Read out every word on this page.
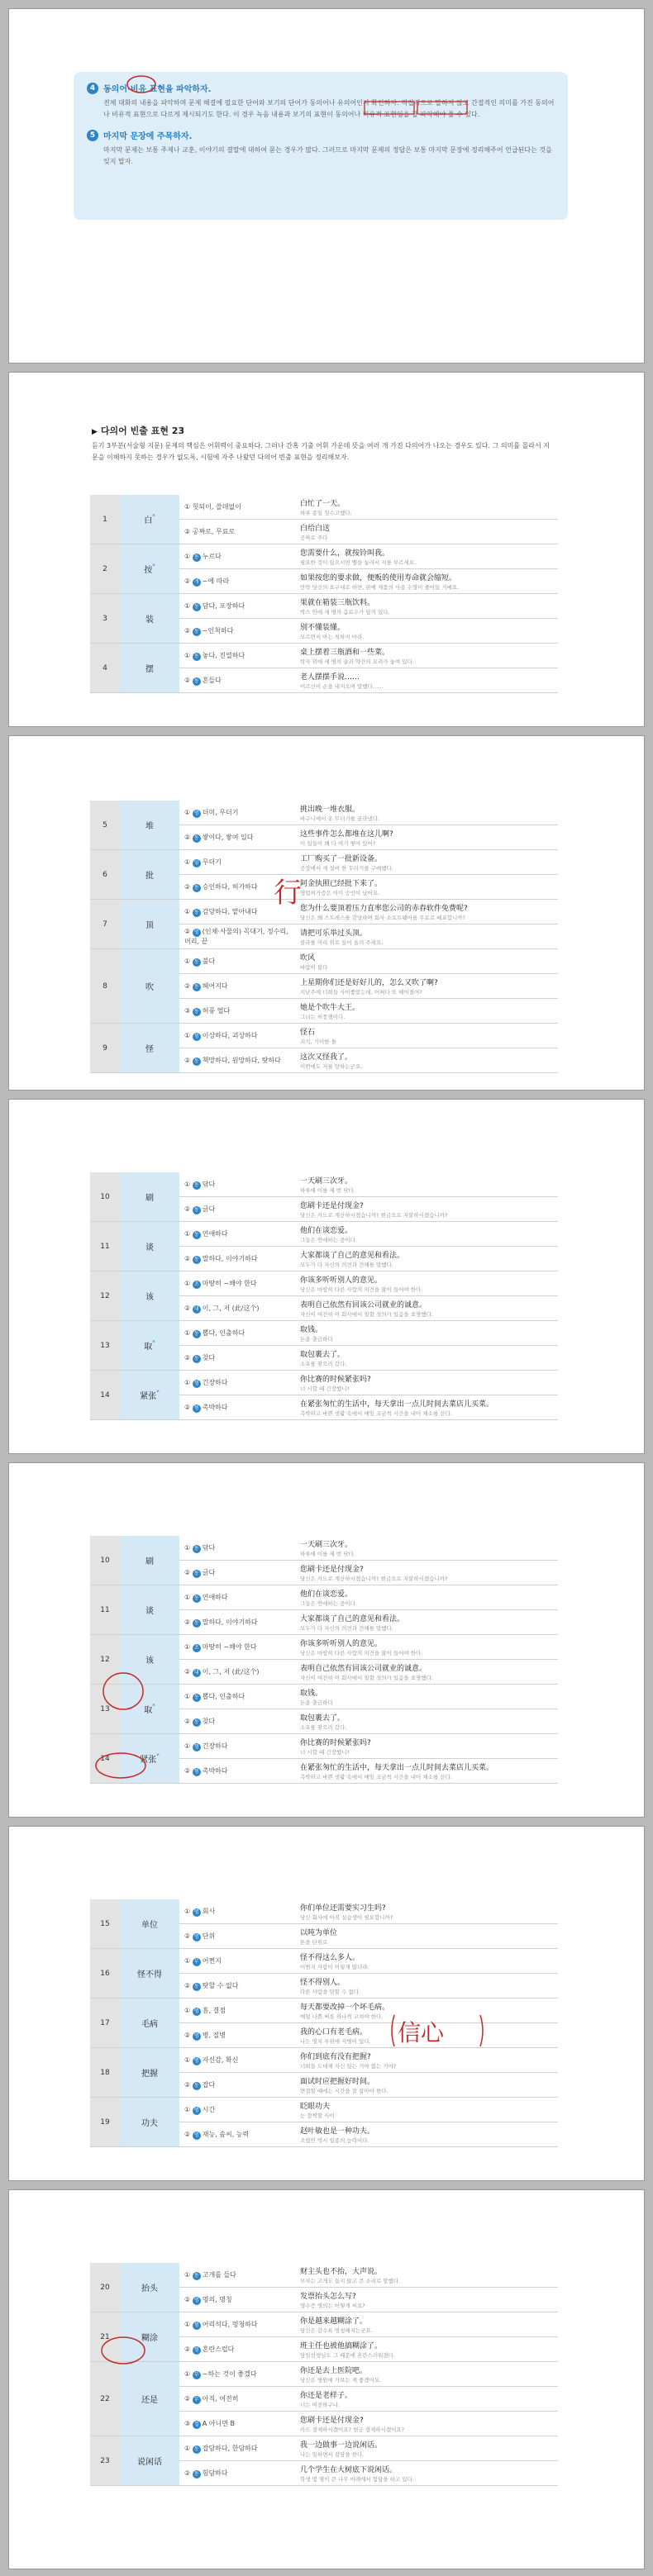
4 동의어·비유 표현을 파악하자.
전체 대화의 내용을 파악하며 문제 해결에 필요한 단어와 보기의 단어가 동의어나 유의어인지 확인하자. 직접적으로 말하지 않고 간접적인 의미를 가진 동의어나 비유적 표현으로 다르게 제시되기도 한다. 이 경우 녹음 내용과 보기의 표현이 동의어나 비유적 표현임을 잘 파악해야 풀 수 있다.
5 마지막 문장에 주목하자.
마지막 문제는 보통 주제나 교훈, 이야기의 결말에 대하여 묻는 경우가 많다. 그러므로 마지막 문제의 정답은 보통 마지막 문장에 정리해주어 언급된다는 것을 잊지 말자.
▶ 다의어 빈출 표현 23
듣기 3부분(서술형 지문) 문제의 핵심은 어휘력이 중요하다. 그러나 간혹 기출 어휘 가운데 뜻을 여러 개 가진 다의어가 나오는 경우도 있다. 그 의미를 몰라서 지문을 이해하지 못하는 경우가 없도록, 시험에 자주 나왔던 다의어 빈출 표현을 정리해보자.
1	白*	① 헛되이, 쓸데없이	白忙了一天。
하루 종일 헛수고했다.

		② 공짜로, 무료로	白给白送
공짜로 주다

2	按*	① 동 누르다	您需要什么，就按铃叫我。
필요한 것이 있으시면 벨을 눌러서 저를 부르세요.

		② 개 ~에 따라	如果按您的要求做，便贩的使用寿命就会缩短。
만약 당신의 요구대로 하면, 판매 제품의 사용 수명이 줄어들 거예요.

3	装	① 동 담다, 포장하다	果就在箱装三瓶饮料。
박스 안에 세 병의 음료수가 담겨 있다.

		② 동 ~인척하다	别不懂装懂。
모르면서 아는 척하지 마라.

4	摆	① 동 놓다, 진열하다	桌上摆着三瓶酒和一些菜。
탁자 위에 세 병의 술과 약간의 요리가 놓여 있다.

		② 동 흔들다	老人摆摆手说……
어르신이 손을 내저으며 말했다……
5	堆	① 명 더미, 무더기	挑出晚一堆衣服。
바구니에서 옷 무더기를 골라냈다.

		② 동 쌓이다, 쌓여 있다	这些事件怎么都堆在这儿啊?
이 일들이 왜 다 여기 쌓여 있어?

6	批	① 양 무더기	工厂购买了一批新设备。
공장에서 새 설비 한 무더기를 구매했다.

		② 동 승인하다, 허가하다	阿金执照已经批下来了。
영업허가증은 이미 승인이 났어요.

7	顶	① 동 감당하다, 맡아내다	您为什么要顶着压力直率您公司的赤春软件免费呢?
당신은 왜 스트레스를 감당하며 회사 소프트웨어를 무료로 배포합니까?

		② 명 (인체·사물의) 꼭대기, 정수리, 머리, 끝	请把可乐举过头顶。
콜라를 머리 위로 들어 올려 주세요.

8	吹	① 동 불다	吹风
바람이 불다

		② 동 헤어지다	上星期你们还是好好儿的，怎么又吹了啊?
지난주에 너희들 사이좋았는데, 어쩌다 또 헤어졌어?

		③ 동 허풍 떨다	她是个吹牛大王。
그녀는 허풍쟁이다.

9	怪	① 형 이상하다, 괴상하다	怪石
괴석, 기이한 돌

		② 동 책망하다, 원망하다, 탓하다	这次又怪我了。
이번에도 저를 탓하는군요.
行
10	刷	① 동 닦다	一天刷三次牙。
하루에 이를 세 번 닦다.

		② 동 긁다	您刷卡还是付现金?
당신은 카드로 계산하시겠습니까? 현금으로 지불하시겠습니까?

11	谈	① 동 연애하다	他们在谈恋爱。
그들은 연애하는 중이다.

		② 동 말하다, 이야기하다	大家都谈了自己的意见和看法。
모두가 다 자신의 의견과 견해를 말했다.

12	该	① 조 마땅히 ~해야 한다	你该多听听别人的意见。
당신은 마땅히 다른 사람의 의견을 많이 들어야 한다.

		② 대 이, 그, 저 (此/这个)	表明自己依然有回该公司就业的诚意。
자신이 여전히 이 회사에서 일할 성의가 있음을 표명했다.

13	取*	① 동 뽑다, 인출하다	取钱。
돈을 출금하다

		② 동 찾다	取包裹去了。
소포를 찾으러 갔다.

14	紧张*	① 형 긴장하다	你比赛的时候紧张吗?
너 시합 때 긴장했니?

		② 형 촉박하다	在紧张匆忙的生活中，每天拿出一点儿时间去菜店儿买菜。
촉박하고 바쁜 생활 속에서 매일 조금씩 시간을 내어 채소를 산다.
10	刷	① 동 닦다	一天刷三次牙。
하루에 이를 세 번 닦다.

		② 동 긁다	您刷卡还是付现金?
당신은 카드로 계산하시겠습니까? 현금으로 지불하시겠습니까?

11	谈	① 동 연애하다	他们在谈恋爱。
그들은 연애하는 중이다.

		② 동 말하다, 이야기하다	大家都谈了自己的意见和看法。
모두가 다 자신의 의견과 견해를 말했다.

12	该	① 조 마땅히 ~해야 한다	你该多听听别人的意见。
당신은 마땅히 다른 사람의 의견을 많이 들어야 한다.

		② 대 이, 그, 저 (此/这个)	表明自己依然有回该公司就业的诚意。
자신이 여전히 이 회사에서 일할 성의가 있음을 표명했다.

13	取*	① 동 뽑다, 인출하다	取钱。
돈을 출금하다

		② 동 찾다	取包裹去了。
소포를 찾으러 갔다.

14	紧张*	① 형 긴장하다	你比赛的时候紧张吗?
너 시합 때 긴장했니?

		② 형 촉박하다	在紧张匆忙的生活中，每天拿出一点儿时间去菜店儿买菜。
촉박하고 바쁜 생활 속에서 매일 조금씩 시간을 내어 채소를 산다.
15	单位	① 명 회사	你们单位还需要实习生吗?
당신 회사에 아직 실습생이 필요합니까?

		② 명 단위	以吨为单位
톤을 단위로

16	怪不得	① 부 어쩐지	怪不得这么多人。
어쩐지 사람이 이렇게 많더라.

		② 동 탓할 수 없다	怪不得别人。
다른 사람을 탓할 수 없다.

17	毛病	① 명 흠, 결점	每天都要改掉一个坏毛病。
매일 나쁜 버릇 하나씩 고쳐야 한다.

		② 명 병, 질병	我的心口有老毛病。
나는 명치 부위에 지병이 있다.

18	把握	① 명 자신감, 확신	你们到底有没有把握?
너희들 도대체 자신 있는 거야 없는 거야?

		② 동 잡다	面试时应把握好时间。
면접할 때에는 시간을 잘 잡아야 한다.

19	功夫	① 명 시간	眨眼功夫
눈 깜짝할 사이

		② 명 재능, 솜씨, 능력	赵叶敏也是一种功夫。
조엽민 역시 일종의 능력이다.
信心
20	抬头	① 동 고개를 들다	财主头也不抬，大声说。
부자는 고개도 들지 않고 큰 소리로 말했다.

		② 명 명의, 명칭	发票抬头怎么写?
영수증 명의는 어떻게 써요?

21	糊涂	① 형 어리석다, 멍청하다	你是越来越糊涂了。
당신은 갈수록 멍청해지는군요.

		② 형 혼란스럽다	班主任也被他搞糊涂了。
담임선생님도 그 때문에 혼란스러워졌다.

22	还是	① 부 ~하는 것이 좋겠다	你还是去上医院吧。
당신은 병원에 가보는 게 좋겠어요.

		② 부 아직, 여전히	你还是老样子。
너는 여전하구나.

		③ 접 A 아니면 B	您刷卡还是付现金?
카드 결제하시겠어요? 현금 결제하시겠어요?

23	说闲话	① 동 잡담하다, 한담하다	我一边做事一边说闲话。
나는 일하면서 잡담을 한다.

		② 동 험담하다	几个学生在大树底下说闲话。
학생 몇 명이 큰 나무 아래에서 험담을 하고 있다.
